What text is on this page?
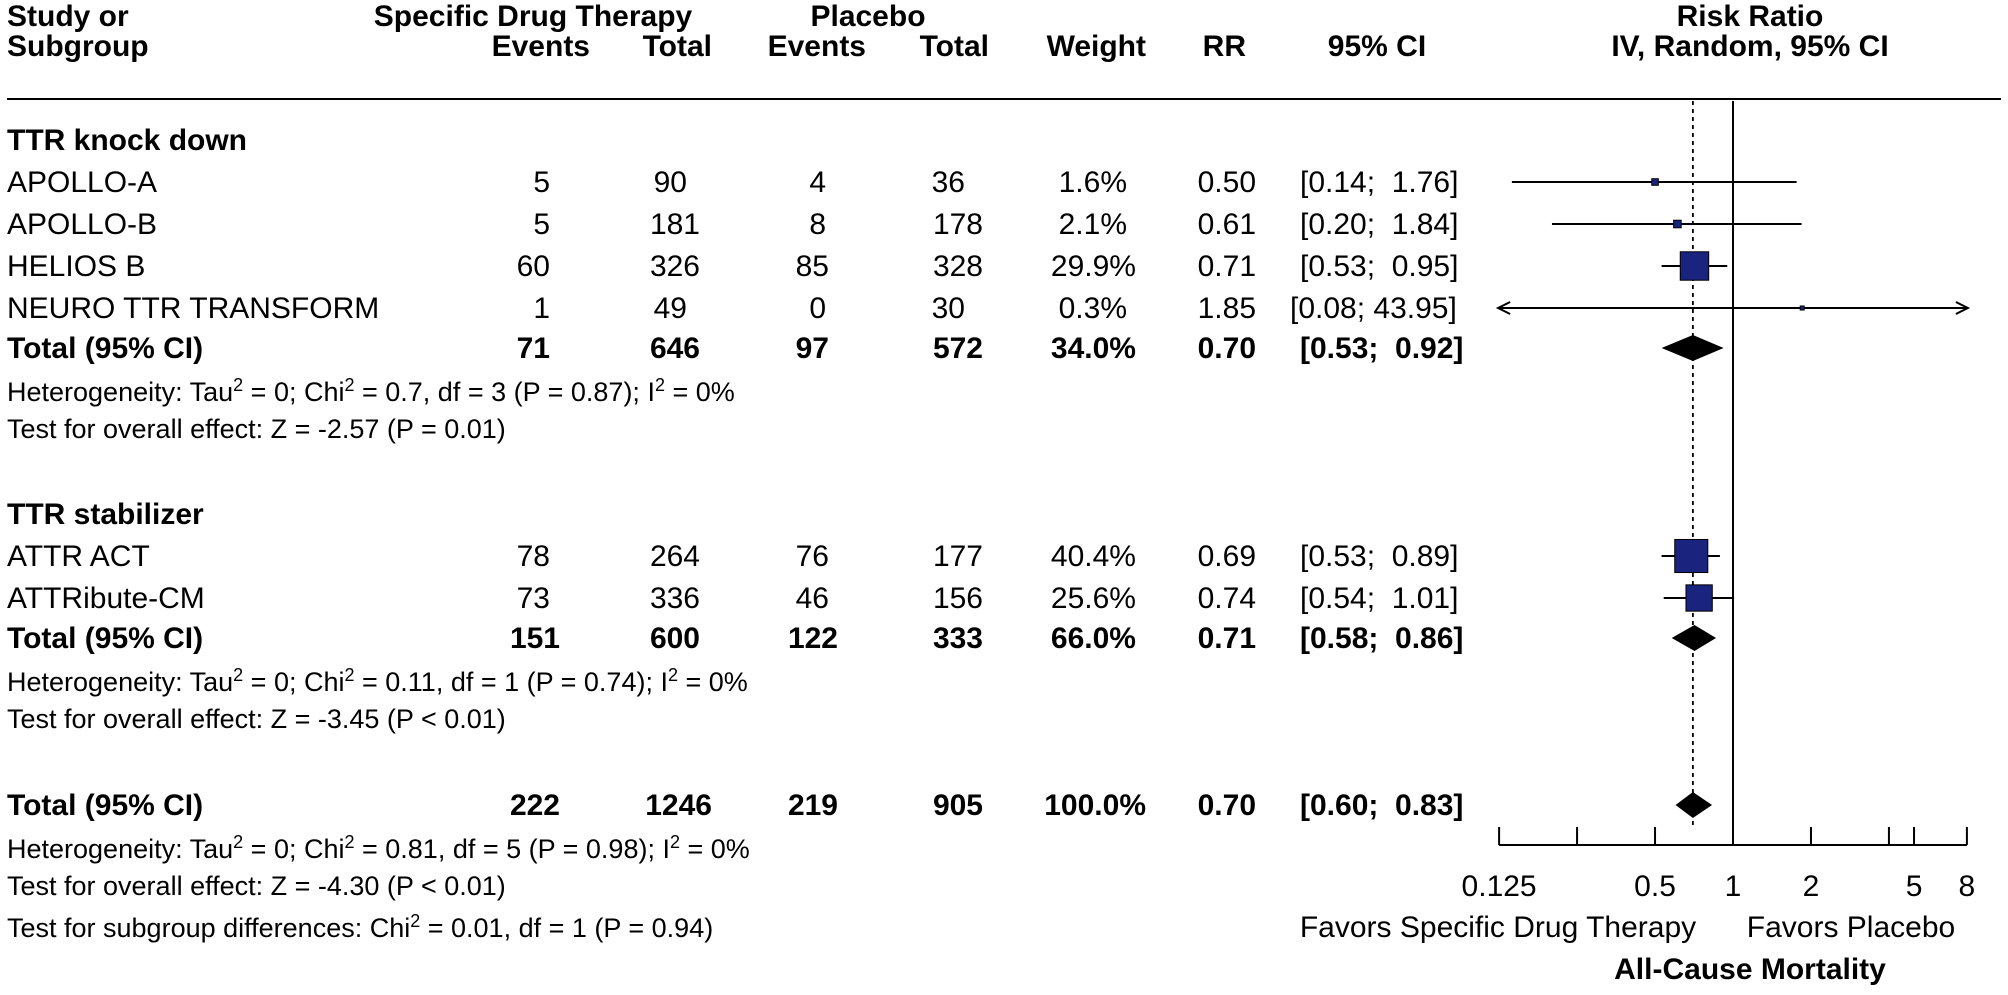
Study or
Subgroup
Specific Drug Therapy	Placebo
Events Total Events Total Weight RR	95% CI
Risk Ratio
IV, Random, 95% CI
TTR knock down
APOLLO-A	5	90	4	36	1.6% 0.50 [0.14;  1.76]
APOLLO-B	5	181	8	178	2.1% 0.61 [0.20;  1.84]
HELIOS B	60	326	85	328 29.9% 0.71 [0.53;  0.95]
NEURO TTR TRANSFORM	1	49	0	30	0.3% 1.85 [0.08; 43.95]
Total (95% CI)	71	646	97	572 34.0% 0.70 [0.53;  0.92]
Heterogeneity: Tau$^2$ = 0; Chi$^2$ = 0.7, df = 3 (P = 0.87); $I^2 = 0\%$
Test for overall effect: Z = -2.57 (P = 0.01)
TTR stabilizer
ATTR ACT	78	264	76	177 40.4% 0.69 [0.53;  0.89]
ATTRibute-CM	73	336	46	156 25.6% 0.74 [0.54;  1.01]
Total (95% CI)	151	600	122	333 66.0% 0.71 [0.58;  0.86]
Heterogeneity: Tau$^2$ = 0; Chi$^2$ = 0.11, df = 1 (P = 0.74); $I^2 = 0\%$
Test for overall effect: Z = -3.45 (P < 0.01)
Total (95% CI)	222	1246	219	905 100.0% 0.70 [0.60;  0.83]
Heterogeneity: Tau$^2$ = 0; Chi$^2$ = 0.81, df = 5 (P = 0.98); $I^2 = 0\%$
Test for overall effect: Z = -4.30 (P < 0.01)
Test for subgroup differences: Chi$^2$ = 0.01, df = 1 (P = 0.94)
0.125	0.5 1 2	5 8
Favors Specific Drug Therapy Favors Placebo
All-Cause Mortality
